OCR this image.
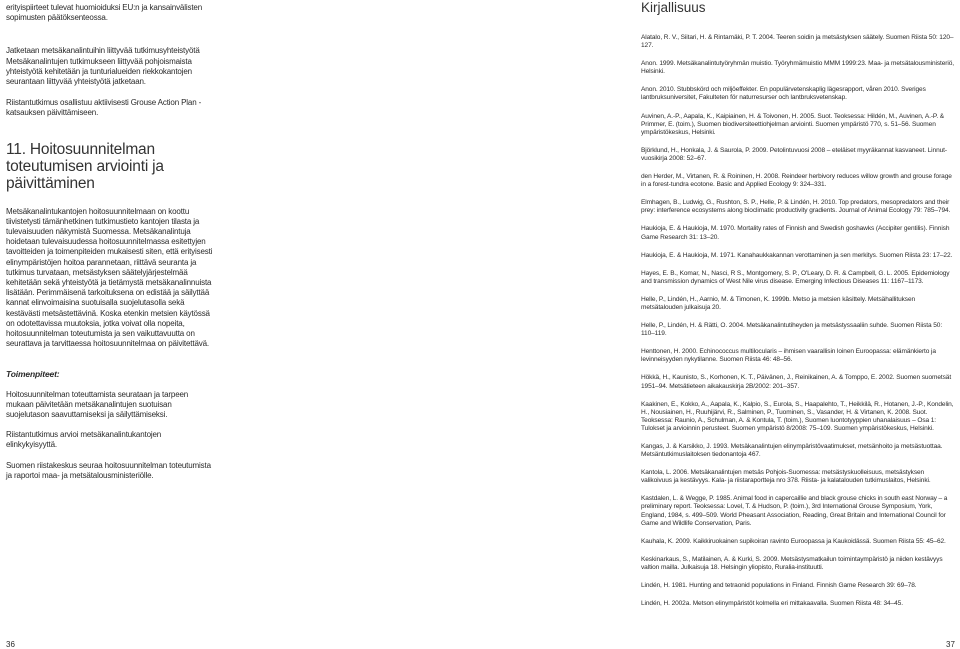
erityispiirteet tulevat huomioiduksi EU:n ja kansainvälisten sopimusten päätöksenteossa.

Jatketaan metsäkanalintuihin liittyvää tutkimusyhteistyötä Metsäkanalintujen tutkimukseen liittyvää pohjoismaista yhteistyötä kehitetään ja tunturialueiden riekkokantojen seurantaan liittyvää yhteistyötä jatketaan.

Riistantutkimus osallistuu aktiivisesti Grouse Action Plan -katsauksen päivittämiseen.

11. Hoitosuunnitelman toteutumisen arviointi ja päivittäminen

Metsäkanalintukantojen hoitosuunnitelmaan on koottu tiivistetysti tämänhetkinen tutkimustieto kantojen tilasta ja tulevaisuuden näkymistä Suomessa. Metsäkanalintuja hoidetaan tulevaisuudessa hoitosuunnitelmassa esitettyjen tavoitteiden ja toimenpiteiden mukaisesti siten, että erityisesti elinympäristöjen hoitoa parannetaan, riittävä seuranta ja tutkimus turvataan, metsästyksen säätelyjärjestelmää kehitetään sekä yhteistyötä ja tietämystä metsäkanalinnuista lisätään. Perimmäisenä tarkoituksena on edistää ja säilyttää kannat elinvoimaisina suotuisalla suojelutasolla sekä kestävästi metsästettävinä. Koska etenkin metsien käytössä on odotettavissa muutoksia, jotka voivat olla nopeita, hoitosuunnitelman toteutumista ja sen vaikuttavuutta on seurattava ja tarvittaessa hoitosuunnitelmaa on päivitettävä.

Toimenpiteet:

Hoitosuunnitelman toteuttamista seurataan ja tarpeen mukaan päivitetään metsäkanalintujen suotuisan suojelutason saavuttamiseksi ja säilyttämiseksi.

Riistantutkimus arvioi metsäkanalintukantojen elinkykyisyyttä.

Suomen riistakeskus seuraa hoitosuunnitelman toteutumista ja raportoi maa- ja metsätalousministeriölle.

36
Kirjallisuus

Alatalo, R. V., Siitari, H. & Rintamäki, P. T. 2004. Teeren soidin ja metsästyksen säätely. Suomen Riista 50: 120–127.

Anon. 1999. Metsäkanalintutyöryhmän muistio. Työryhmämuistio MMM 1999:23. Maa- ja metsätalousministeriö, Helsinki.

Anon. 2010. Stubbskörd och miljöeffekter. En populärvetenskaplig lägesrapport, våren 2010. Sveriges lantbruksuniversitet, Fakulteten för naturresurser och lantbruksvetenskap.

Auvinen, A.-P., Aapala, K., Kaipiainen, H. & Toivonen, H. 2005. Suot. Teoksessa: Hildén, M., Auvinen, A.-P. & Primmer, E. (toim.), Suomen biodiversiteettiohjelman arviointi. Suomen ympäristö 770, s. 51–56. Suomen ympäristökeskus, Helsinki.

Björklund, H., Honkala, J. & Saurola, P. 2009. Petolintuvuosi 2008 – eteläiset myyräkannat kasvaneet. Linnut-vuosikirja 2008: 52–67.

den Herder, M., Virtanen, R. & Roininen, H. 2008. Reindeer herbivory reduces willow growth and grouse forage in a forest-tundra ecotone. Basic and Applied Ecology 9: 324–331.

Elmhagen, B., Ludwig, G., Rushton, S. P., Helle, P. & Lindén, H. 2010. Top predators, mesopredators and their prey: interference ecosystems along bioclimatic productivity gradients. Journal of Animal Ecology 79: 785–794.

Haukioja, E. & Haukioja, M. 1970. Mortality rates of Finnish and Swedish goshawks (Accipiter gentilis). Finnish Game Research 31: 13–20.

Haukioja, E. & Haukioja, M. 1971. Kanahaukkakannan verottaminen ja sen merkitys. Suomen Riista 23: 17–22.

Hayes, E. B., Komar, N., Nasci, R S., Montgomery, S. P., O'Leary, D. R. & Campbell, G. L. 2005. Epidemiology and transmission dynamics of West Nile virus disease. Emerging Infectious Diseases 11: 1167–1173.

Helle, P., Lindén, H., Aarnio, M. & Timonen, K. 1999b. Metso ja metsien käsittely. Metsähallituksen metsätalouden julkaisuja 20.

Helle, P., Lindén, H. & Rätti, O. 2004. Metsäkanalintutiheyden ja metsästyssaaliin suhde. Suomen Riista 50: 110–119.

Henttonen, H. 2000. Echinococcus multilocularis – ihmisen vaarallisin loinen Euroopassa: elämänkierto ja levinneisyyden nykytilanne. Suomen Riista 46: 48–56.

Hökkä, H., Kaunisto, S., Korhonen, K. T., Päivänen, J., Reinikainen, A. & Tomppo, E. 2002. Suomen suometsät 1951–94. Metsätieteen aikakauskirja 2B/2002: 201–357.

Kaakinen, E., Kokko, A., Aapala, K., Kalpio, S., Eurola, S., Haapalehto, T., Heikkilä, R., Hotanen, J.-P., Kondelin, H., Nousiainen, H., Ruuhijärvi, R., Salminen, P., Tuominen, S., Vasander, H. & Virtanen, K. 2008. Suot. Teoksessa: Raunio, A., Schulman, A. & Kontula, T. (toim.), Suomen luontotyyppien uhanalaisuus – Osa 1: Tulokset ja arvioinnin perusteet. Suomen ympäristö 8/2008: 75–109. Suomen ympäristökeskus, Helsinki.

Kangas, J. & Karsikko, J. 1993. Metsäkanalintujen elinympäristövaatimukset, metsänhoito ja metsästuottaa. Metsäntutkimuslaitoksen tiedonantoja 467.

Kantola, L. 2006. Metsäkanalintujen metsäs Pohjois-Suomessa: metsästyskuolleisuus, metsästyksen valikoivuus ja kestävyys. Kala- ja riistaraportteja nro 378. Riista- ja kalatalouden tutkimuslaitos, Helsinki.

Kastdalen, L. & Wegge, P. 1985. Animal food in capercaillie and black grouse chicks in south east Norway – a preliminary report. Teoksessa: Lovel, T. & Hudson, P. (toim.), 3rd International Grouse Symposium, York, England, 1984, s. 499–509. World Pheasant Association, Reading, Great Britain and International Council for Game and Wildlife Conservation, Paris.

Kauhala, K. 2009. Kaikkiruokainen supikoiran ravinto Euroopassa ja Kaukoidässä. Suomen Riista 55: 45–62.

Keskinarkaus, S., Matilainen, A. & Kurki, S. 2009. Metsästysmatkailun toimintaympäristö ja niiden kestävyys valtion mailla. Julkaisuja 18. Helsingin yliopisto, Ruralia-instituutti.

Lindén, H. 1981. Hunting and tetraonid populations in Finland. Finnish Game Research 39: 69–78.

Lindén, H. 2002a. Metson elinympäristöt kolmella eri mittakaavalla. Suomen Riista 48: 34–45.

37
